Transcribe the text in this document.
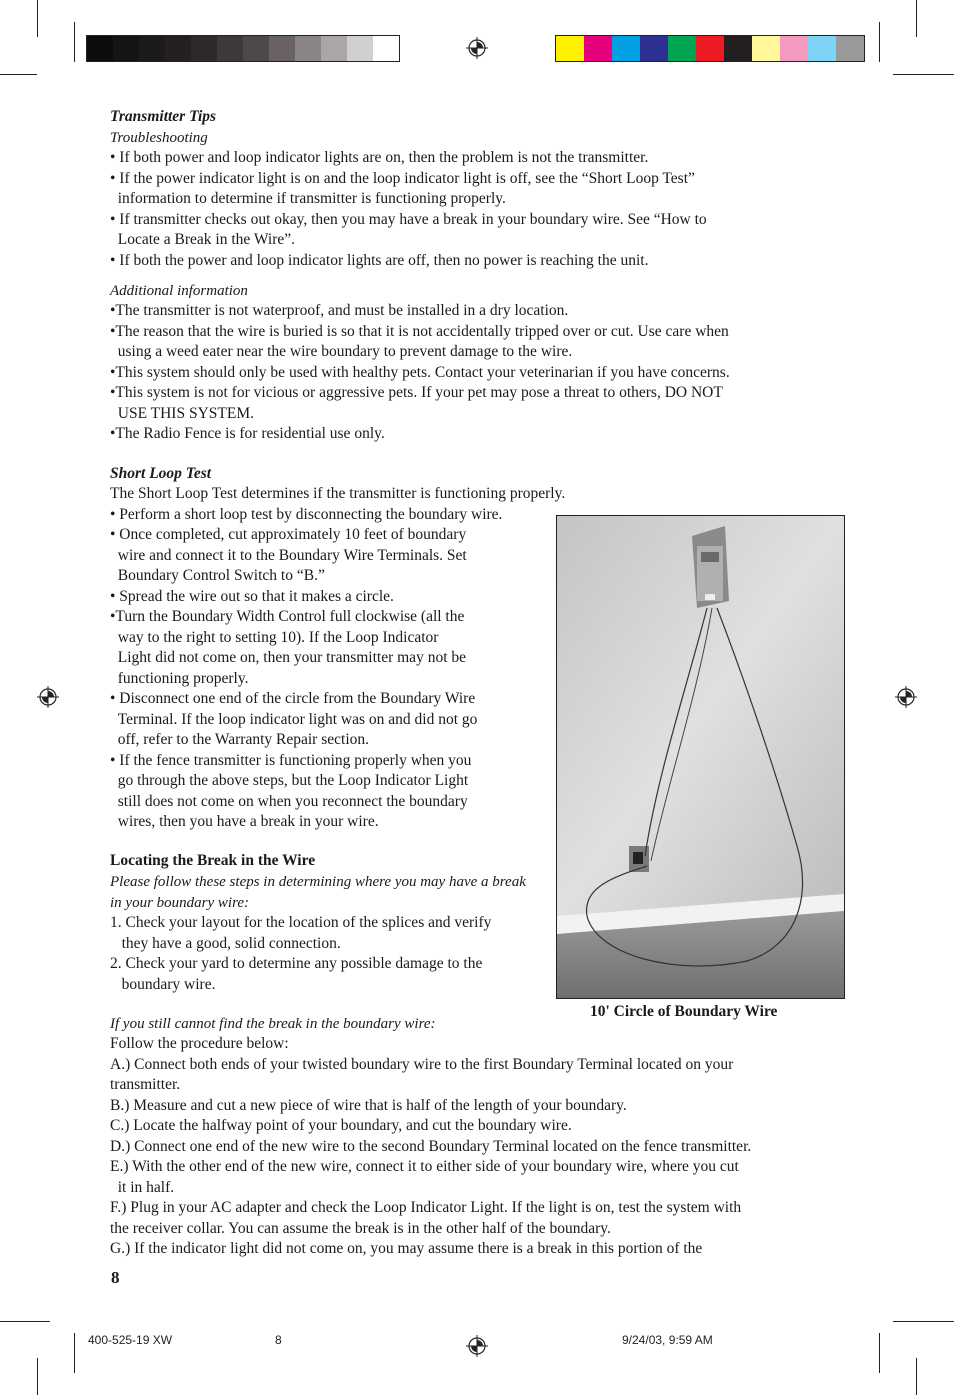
Transmitter Tips
Troubleshooting
• If both power and loop indicator lights are on, then the problem is not the transmitter.
• If the power indicator light is on and the loop indicator light is off, see the “Short Loop Test”
information to determine if transmitter is functioning properly.
• If transmitter checks out okay, then you may have a break in your boundary wire. See “How to
Locate a Break in the Wire”.
• If both the power and loop indicator lights are off, then no power is reaching the unit.
Additional information
•The transmitter is not waterproof, and must be installed in a dry location.
•The reason that the wire is buried is so that it is not accidentally tripped over or cut. Use care when
using a weed eater near the wire boundary to prevent damage to the wire.
•This system should only be used with healthy pets. Contact your veterinarian if you have concerns.
•This system is not for vicious or aggressive pets. If your pet may pose a threat to others, DO NOT
USE THIS SYSTEM.
•The Radio Fence is for residential use only.
Short Loop Test
The Short Loop Test determines if the transmitter is functioning properly.
• Perform a short loop test by disconnecting the boundary wire.
• Once completed, cut approximately 10 feet of boundary
wire and connect it to the Boundary Wire Terminals. Set
Boundary Control Switch to “B.”
• Spread the wire out so that it makes a circle.
•Turn the Boundary Width Control full clockwise (all the
way to the right to setting 10). If the Loop Indicator
Light did not come on, then your transmitter may not be
functioning properly.
• Disconnect one end of the circle from the Boundary Wire
Terminal. If the loop indicator light was on and did not go
off, refer to the Warranty Repair section.
• If the fence transmitter is functioning properly when you
go through the above steps, but the Loop Indicator Light
still does not come on when you reconnect the boundary
wires, then you have a break in your wire.
10' Circle of Boundary Wire
Locating the Break in the Wire
Please follow these steps in determining where you may have a break
in your boundary wire:
1. Check your layout for the location of the splices and verify
they have a good, solid connection.
2. Check your yard to determine any possible damage to the
boundary wire.
If you still cannot find the break in the boundary wire:
Follow the procedure below:
A.) Connect both ends of your twisted boundary wire to the first Boundary Terminal located on your
transmitter.
B.) Measure and cut a new piece of wire that is half of the length of your boundary.
C.) Locate the halfway point of your boundary, and cut the boundary wire.
D.) Connect one end of the new wire to the second Boundary Terminal located on the fence transmitter.
E.) With the other end of the new wire, connect it to either side of your boundary wire, where you cut
it in half.
F.) Plug in your AC adapter and check the Loop Indicator Light. If the light is on, test the system with
the receiver collar. You can assume the break is in the other half of the boundary.
G.) If the indicator light did not come on, you may assume there is a break in this portion of the
8
400-525-19 XW	8	9/24/03, 9:59 AM
